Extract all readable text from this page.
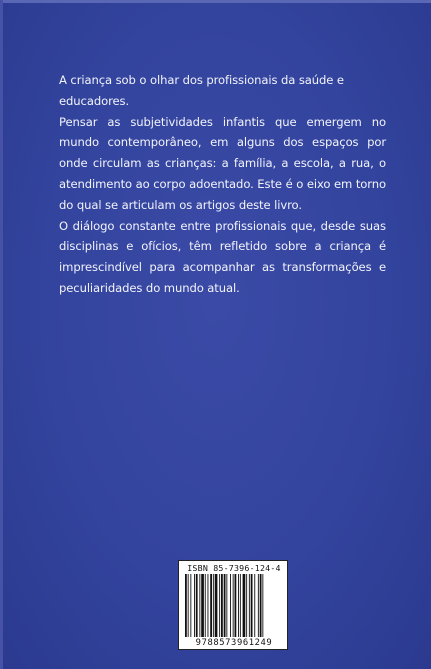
A criança sob o olhar dos profissionais da saúde e educadores.

Pensar as subjetividades infantis que emergem no mundo contemporâneo, em alguns dos espaços por onde circulam as crianças: a família, a escola, a rua, o atendimento ao corpo adoentado. Este é o eixo em torno do qual se articulam os artigos deste livro.

O diálogo constante entre profissionais que, desde suas disciplinas e ofícios, têm refletido sobre a criança é imprescindível para acompanhar as transformações e peculiaridades do mundo atual.

ISBN 85-7396-124-4
9788573961249
